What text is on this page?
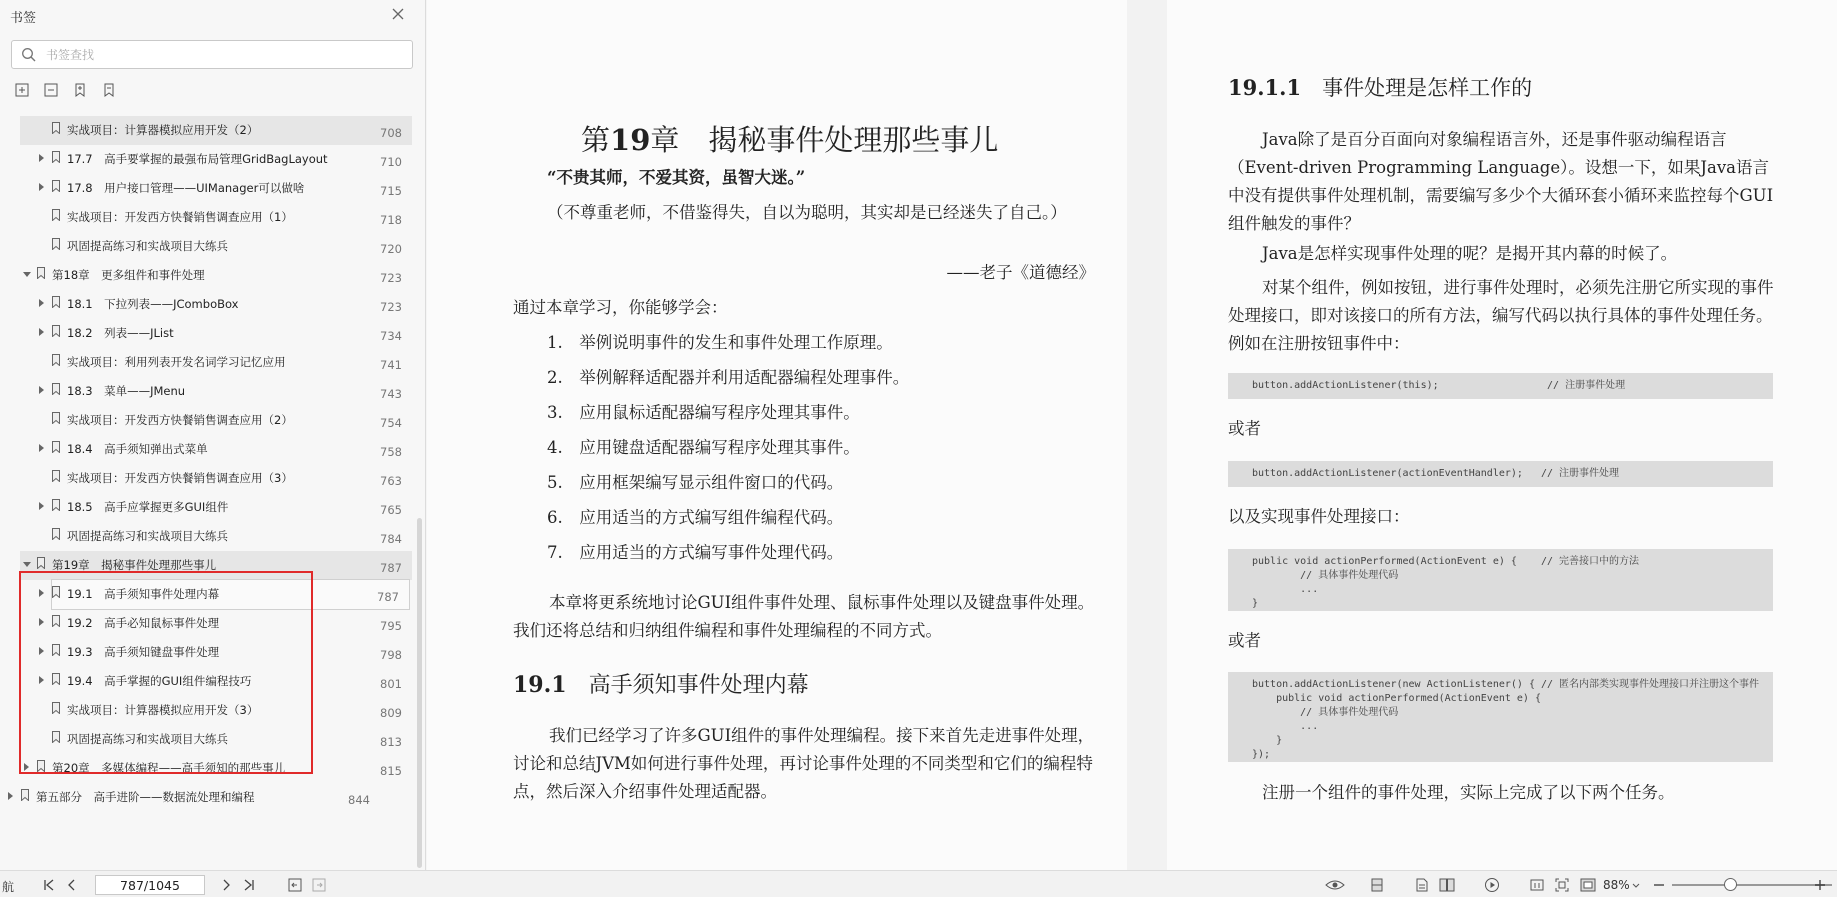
书签
书签查找
实战项目：计算器模拟应用开发（2）	708
17.7　高手要掌握的最强布局管理GridBagLayout	710
17.8　用户接口管理——UIManager可以做啥	715
实战项目：开发西方快餐销售调查应用（1）	718
巩固提高练习和实战项目大练兵	720
第18章　更多组件和事件处理	723
18.1　下拉列表——JComboBox	723
18.2　列表——JList	734
实战项目：利用列表开发名词学习记忆应用	741
18.3　菜单——JMenu	743
实战项目：开发西方快餐销售调查应用（2）	754
18.4　高手须知弹出式菜单	758
实战项目：开发西方快餐销售调查应用（3）	763
18.5　高手应掌握更多GUI组件	765
巩固提高练习和实战项目大练兵	784
第19章　揭秘事件处理那些事儿	787
19.1　高手须知事件处理内幕	787
19.2　高手必知鼠标事件处理	795
19.3　高手须知键盘事件处理	798
19.4　高手掌握的GUI组件编程技巧	801
实战项目：计算器模拟应用开发（3）	809
巩固提高练习和实战项目大练兵	813
第20章　多媒体编程——高手须知的那些事儿	815
第五部分　高手进阶——数据流处理和编程	844
第19章　揭秘事件处理那些事儿
“不贵其师，不爱其资，虽智大迷。”
（不尊重老师，不借鉴得失，自以为聪明，其实却是已经迷失了自己。）
——老子《道德经》
通过本章学习，你能够学会：
1.　举例说明事件的发生和事件处理工作原理。
2.　举例解释适配器并利用适配器编程处理事件。
3.　应用鼠标适配器编写程序处理其事件。
4.　应用键盘适配器编写程序处理其事件。
5.　应用框架编写显示组件窗口的代码。
6.　应用适当的方式编写组件编程代码。
7.　应用适当的方式编写事件处理代码。
本章将更系统地讨论GUI组件事件处理、鼠标事件处理以及键盘事件处理。我们还将总结和归纳组件编程和事件处理编程的不同方式。
19.1　 高手须知事件处理内幕
我们已经学习了许多GUI组件的事件处理编程。接下来首先走进事件处理，讨论和总结JVM如何进行事件处理，再讨论事件处理的不同类型和它们的编程特点，然后深入介绍事件处理适配器。
19.1.1　 事件处理是怎样工作的
Java除了是百分百面向对象编程语言外，还是事件驱动编程语言（Event-driven Programming Language）。设想一下，如果Java语言中没有提供事件处理机制，需要编写多少个大循环套小循环来监控每个GUI组件触发的事件？
Java是怎样实现事件处理的呢？是揭开其内幕的时候了。
对某个组件，例如按钮，进行事件处理时，必须先注册它所实现的事件处理接口，即对该接口的所有方法，编写代码以执行具体的事件处理任务。例如在注册按钮事件中：
或者
以及实现事件处理接口：
或者
注册一个组件的事件处理，实际上完成了以下两个任务。
button.addActionListener(this);                  // 注册事件处理
button.addActionListener(actionEventHandler);   // 注册事件处理
public void actionPerformed(ActionEvent e) {    // 完善接口中的方法
// 具体事件处理代码
...
}
button.addActionListener(new ActionListener() { // 匿名内部类实现事件处理接口并注册这个事件
public void actionPerformed(ActionEvent e) {
// 具体事件处理代码
...
}
});
航
787/1045	88%
